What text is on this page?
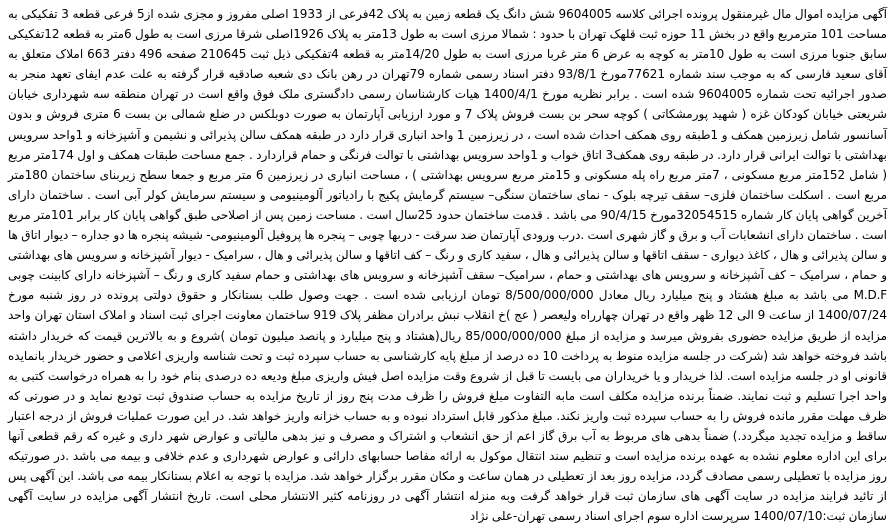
آگهی مزایده اموال مال غیرمنقول پرونده اجرائی کلاسه 9604005 شش دانگ یک قطعه زمین به پلاک 42فرعی از 1933 اصلی مفروز و مجزی شده از5 فرعی قطعه 3 تفکیکی به مساحت 101 مترمربع واقع در بخش 11 حوزه ثبت قلهک تهران با حدود : شمالا مرزی است به طول 13متر به پلاک 1926اصلی شرقا مرزی است به طول 6متر به قطعه 12تفکیکی سابق جنوبا مرزی است به طول 10متر به کوچه به عرض 6 متر غربا مرزی است به طول 14/20متر به قطعه 4تفکیکی ذیل ثبت 210645 صفحه 496 دفتر 663 املاک متعلق به آقای سعید فارسی که به موجب سند شماره 77621مورخ 93/8/1 دفتر اسناد رسمی شماره 79تهران در رهن بانک دی شعبه صادقیه قرار گرفته به علت عدم ایفای تعهد منجر به صدور اجرائیه تحت شماره 9604005 شده است . برابر نظریه مورخ 1400/4/1 هیات کارشناسان رسمی دادگستری ملک فوق واقع است در تهران منطقه سه شهرداری خیابان شریعتی خیابان کودکان غزه ( شهید پورمشکاتی ) کوچه سحر بن بست فروش پلاک 7 و مورد ارزیابی آپارتمان به صورت دوبلکس در ضلع شمالی بن بست 6 متری فروش و بدون آسانسور شامل زیرزمین همکف و 1طبقه روی همکف احداث شده است ، در زیرزمین 1 واحد انباری قرار دارد در طبقه همکف سالن پذیرائی و نشیمن و آشپزخانه و 1واحد سرویس بهداشتی با توالت ایرانی قرار دارد. در طبقه روی همکف3 اتاق خواب و 1واحد سرویس بهداشتی با توالت فرنگی و حمام قراردارد . جمع مساحت طبقات همکف و اول 174متر مربع ( شامل 152متر مربع مسکونی ، 7متر مربع راه پله مسکونی و 15متر مربع سرویس بهداشتی ) ، مساحت انباری در زیرزمین 6 متر مربع و جمعا سطح زیربنای ساختمان 180متر مربع است . اسکلت ساختمان فلزی– سقف تیرچه بلوک - نمای ساختمان سنگی– سیستم گرمایش پکیج با رادیاتور آلومینیومی و سیستم سرمایش کولر آبی است . ساختمان دارای آخرین گواهی پایان کار شماره 32054515مورخ 90/4/15 می باشد . قدمت ساختمان حدود 25سال است . مساحت زمین پس از اصلاحی طبق گواهی پایان کار برابر 101متر مربع است . ساختمان دارای انشعابات آب و برق و گاز شهری است .درب ورودی آپارتمان ضد سرقت - دربها چوبی – پنجره ها پروفیل آلومینیومی- شیشه پنجره ها دو جداره – دیوار اتاق ها و سالن پذیرائی و هال ، کاغذ دیواری - سقف اتاقها و سالن پذیرائی و هال ، سفید کاری و رنگ – کف اتاقها و سالن پذیرائی و هال ، سرامیک - دیوار آشپزخانه و سرویس های بهداشتی و حمام ، سرامیک – کف آشپزخانه و سرویس های بهداشتی و حمام ، سرامیک– سقف آشپزخانه و سرویس های بهداشتی و حمام سفید کاری و رنگ – آشپزخانه دارای کابینت چوبی M.D.F می باشد به مبلغ هشتاد و پنج میلیارد ریال معادل 8/500/000/000 تومان ارزیابی شده است . جهت وصول طلب بستانکار و حقوق دولتی پرونده در روز شنبه مورخ 1400/07/24 از ساعت 9 الی 12 ظهر واقع در تهران چهارراه ولیعصر ( عج )خ انقلاب نبش برادران مظفر پلاک 919 ساختمان معاونت اجرای ثبت اسناد و املاک استان تهران واحد مزایده از طریق مزایده حضوری بفروش میرسد و مزایده از مبلغ 85/000/000/000 ریال(هشتاد و پنج میلیارد و پانصد میلیون تومان )شروع و به بالاترین قیمت که خریدار داشته باشد فروخته خواهد شد (شرکت در جلسه مزایده منوط به پرداخت 10 ده درصد از مبلغ پایه کارشناسی به حساب سپرده ثبت و تحت شناسه واریزی اعلامی و حضور خریدار بانمایده قانونی او در جلسه مزایده است. لذا خریدار و یا خریداران می بایست تا قبل از شروع وقت مزایده اصل فیش واریزی مبلغ ودیعه ده درصدی بنام خود را به همراه درخواست کتبی به واحد اجرا تسلیم و ثبت نمایند. ضمناً برنده مزایده مکلف است مابه التفاوت مبلغ فروش را ظرف مدت پنج روز از تاریخ مزایده به حساب صندوق ثبت تودیع نماید و در صورتی که ظرف مهلت مقرر مانده فروش را به حساب سپرده ثبت واریز نکند. مبلغ مذکور قابل استرداد نبوده و به حساب خزانه واریز خواهد شد. در این صورت عملیات فروش از درجه اعتبار ساقط و مزایده تجدید میگردد.) ضمناً بدهی های مربوط به آب برق گاز اعم از حق انشعاب و اشتراک و مصرف و نیز بدهی مالیاتی و عوارض شهر داری و غیره که رقم قطعی آنها برای این اداره معلوم نشده به عهده برنده مزایده است و تنظیم سند انتقال موکول به ارائه مفاصا حسابهای دارائی و عوارض شهرداری و عدم خلافی و بیمه می باشد .در صورتیکه روز مزایده با تعطیلی رسمی مصادف گردد، مزایده روز بعد از تعطیلی در همان ساعت و مکان مقرر برگزار خواهد شد. مزایده با توجه به اعلام بستانکار بیمه می باشد. این آگهی پس از تائید فرایند مزایده در سایت آگهی های سازمان ثبت قرار خواهد گرفت وبه منزله انتشار آگهی در روزنامه کثیر الانتشار محلی است. تاریخ انتشار آگهی مزایده در سایت آگهی سازمان ثبت:1400/07/10 سرپرست اداره سوم اجرای اسناد رسمی تهران-علی نژاد
